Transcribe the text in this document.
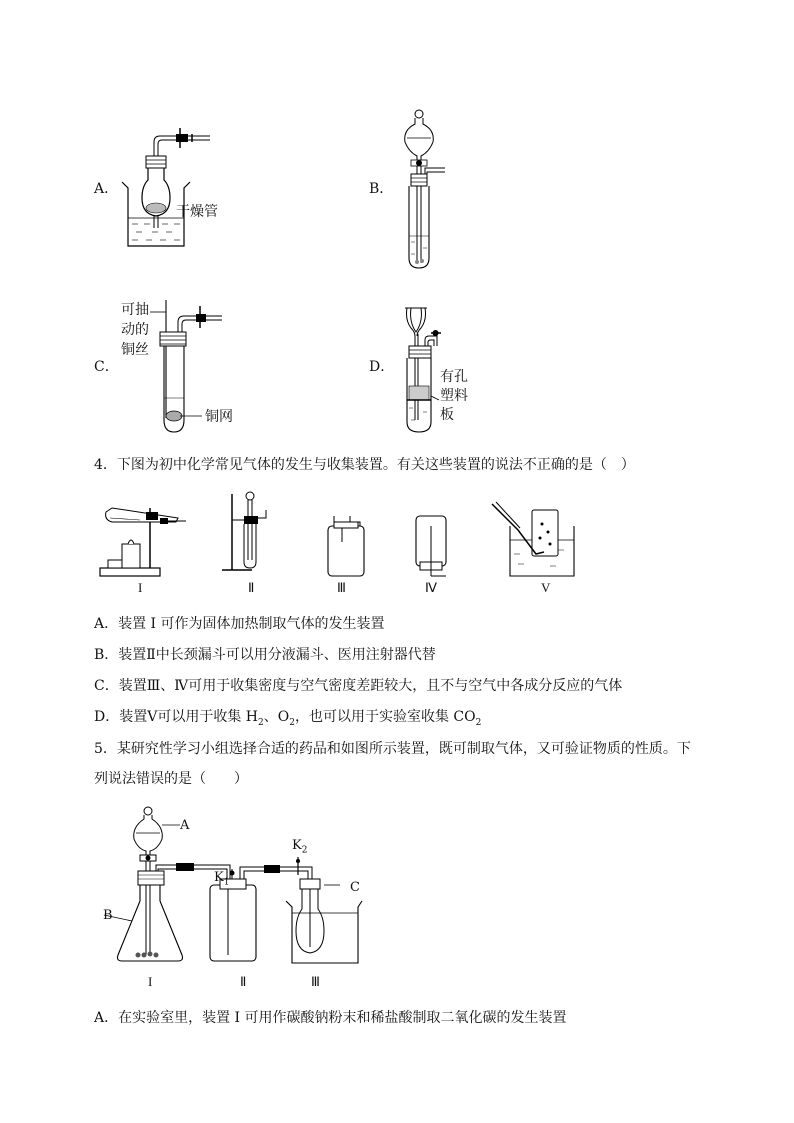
A．
干燥管
B．
C．
可抽
动的
铜丝
铜网
D．
有孔
塑料
板
4．下图为初中化学常见气体的发生与收集装置。有关这些装置的说法不正确的是（　）
I	Ⅱ	Ⅲ	Ⅳ	V
A．装置 I 可作为固体加热制取气体的发生装置
B．装置Ⅱ中长颈漏斗可以用分液漏斗、医用注射器代替
C．装置Ⅲ、Ⅳ可用于收集密度与空气密度差距较大，且不与空气中各成分反应的气体
D．装置Ⅴ可以用于收集 $H_2$、$O_2$，也可以用于实验室收集 $CO_2$
5．某研究性学习小组选择合适的药品和如图所示装置，既可制取气体，又可验证物质的性质。下
列说法错误的是（　　）
A
B
C
$K_1$
$K_2$
I	Ⅱ	Ⅲ
A．在实验室里，装置 I 可用作碳酸钠粉末和稀盐酸制取二氧化碳的发生装置
